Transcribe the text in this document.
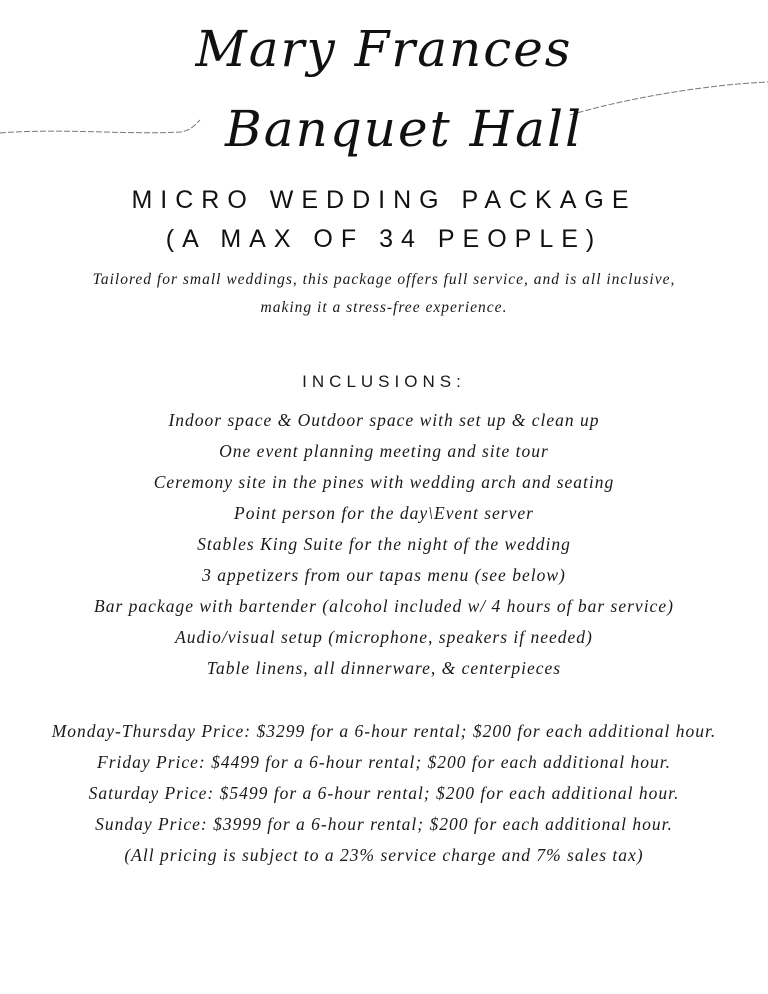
Mary Frances
Banquet Hall
MICRO WEDDING PACKAGE
(A MAX OF 34 PEOPLE)
Tailored for small weddings, this package offers full service, and is all inclusive, making it a stress-free experience.
INCLUSIONS:
Indoor space & Outdoor space with set up & clean up
One event planning meeting and site tour
Ceremony site in the pines with wedding arch and seating
Point person for the day\Event server
Stables King Suite for the night of the wedding
3 appetizers from our tapas menu (see below)
Bar package with bartender (alcohol included w/ 4 hours of bar service)
Audio/visual setup (microphone, speakers if needed)
Table linens, all dinnerware, & centerpieces
Monday-Thursday Price: $3299 for a 6-hour rental; $200 for each additional hour.
Friday Price: $4499 for a 6-hour rental; $200 for each additional hour.
Saturday Price: $5499 for a 6-hour rental; $200 for each additional hour.
Sunday Price: $3999 for a 6-hour rental; $200 for each additional hour.
(All pricing is subject to a 23% service charge and 7% sales tax)
